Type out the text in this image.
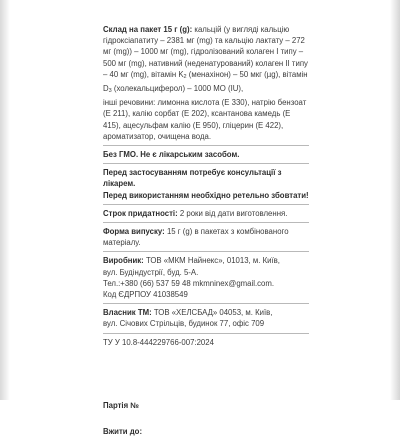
Склад на пакет 15 г (g): кальцій (у вигляді кальцію гідроксіапатиту – 2381 мг (mg) та кальцію лактату – 272 мг (mg)) – 1000 мг (mg), гідролізований колаген І типу – 500 мг (mg), нативний (неденатурований) колаген II типу – 40 мг (mg), вітамін K2 (менахінон) – 50 мкг (µg), вітамін D3 (холекальциферол) – 1000 МО (IU),

інші речовини: лимонна кислота (Е 330), натрію бензоат (Е 211), калію сорбат (Е 202), ксантанова камедь (Е 415), ацесульфам калію (Е 950), гліцерин (Е 422), ароматизатор, очищена вода.

Без ГМО. Не є лікарським засобом.

Перед застосуванням потребує консультації з лікарем.

Перед використанням необхідно ретельно збовтати!

Строк придатності: 2 роки від дати виготовлення.

Форма випуску: 15 г (g) в пакетах з комбінованого матеріалу.

Виробник: ТОВ «МКМ Найнекс», 01013, м. Київ,

вул. Будіндустрії, буд. 5-А.

Тел.:+380 (66) 537 59 48 mkmninex@gmail.com.

Код ЄДРПОУ 41038549

Власник ТМ: ТОВ «ХЕЛСБАД» 04053, м. Київ,

вул. Січових Стрільців, будинок 77, офіс 709

ТУ У 10.8-444229766-007:2024

Партія №

Вжити до:
